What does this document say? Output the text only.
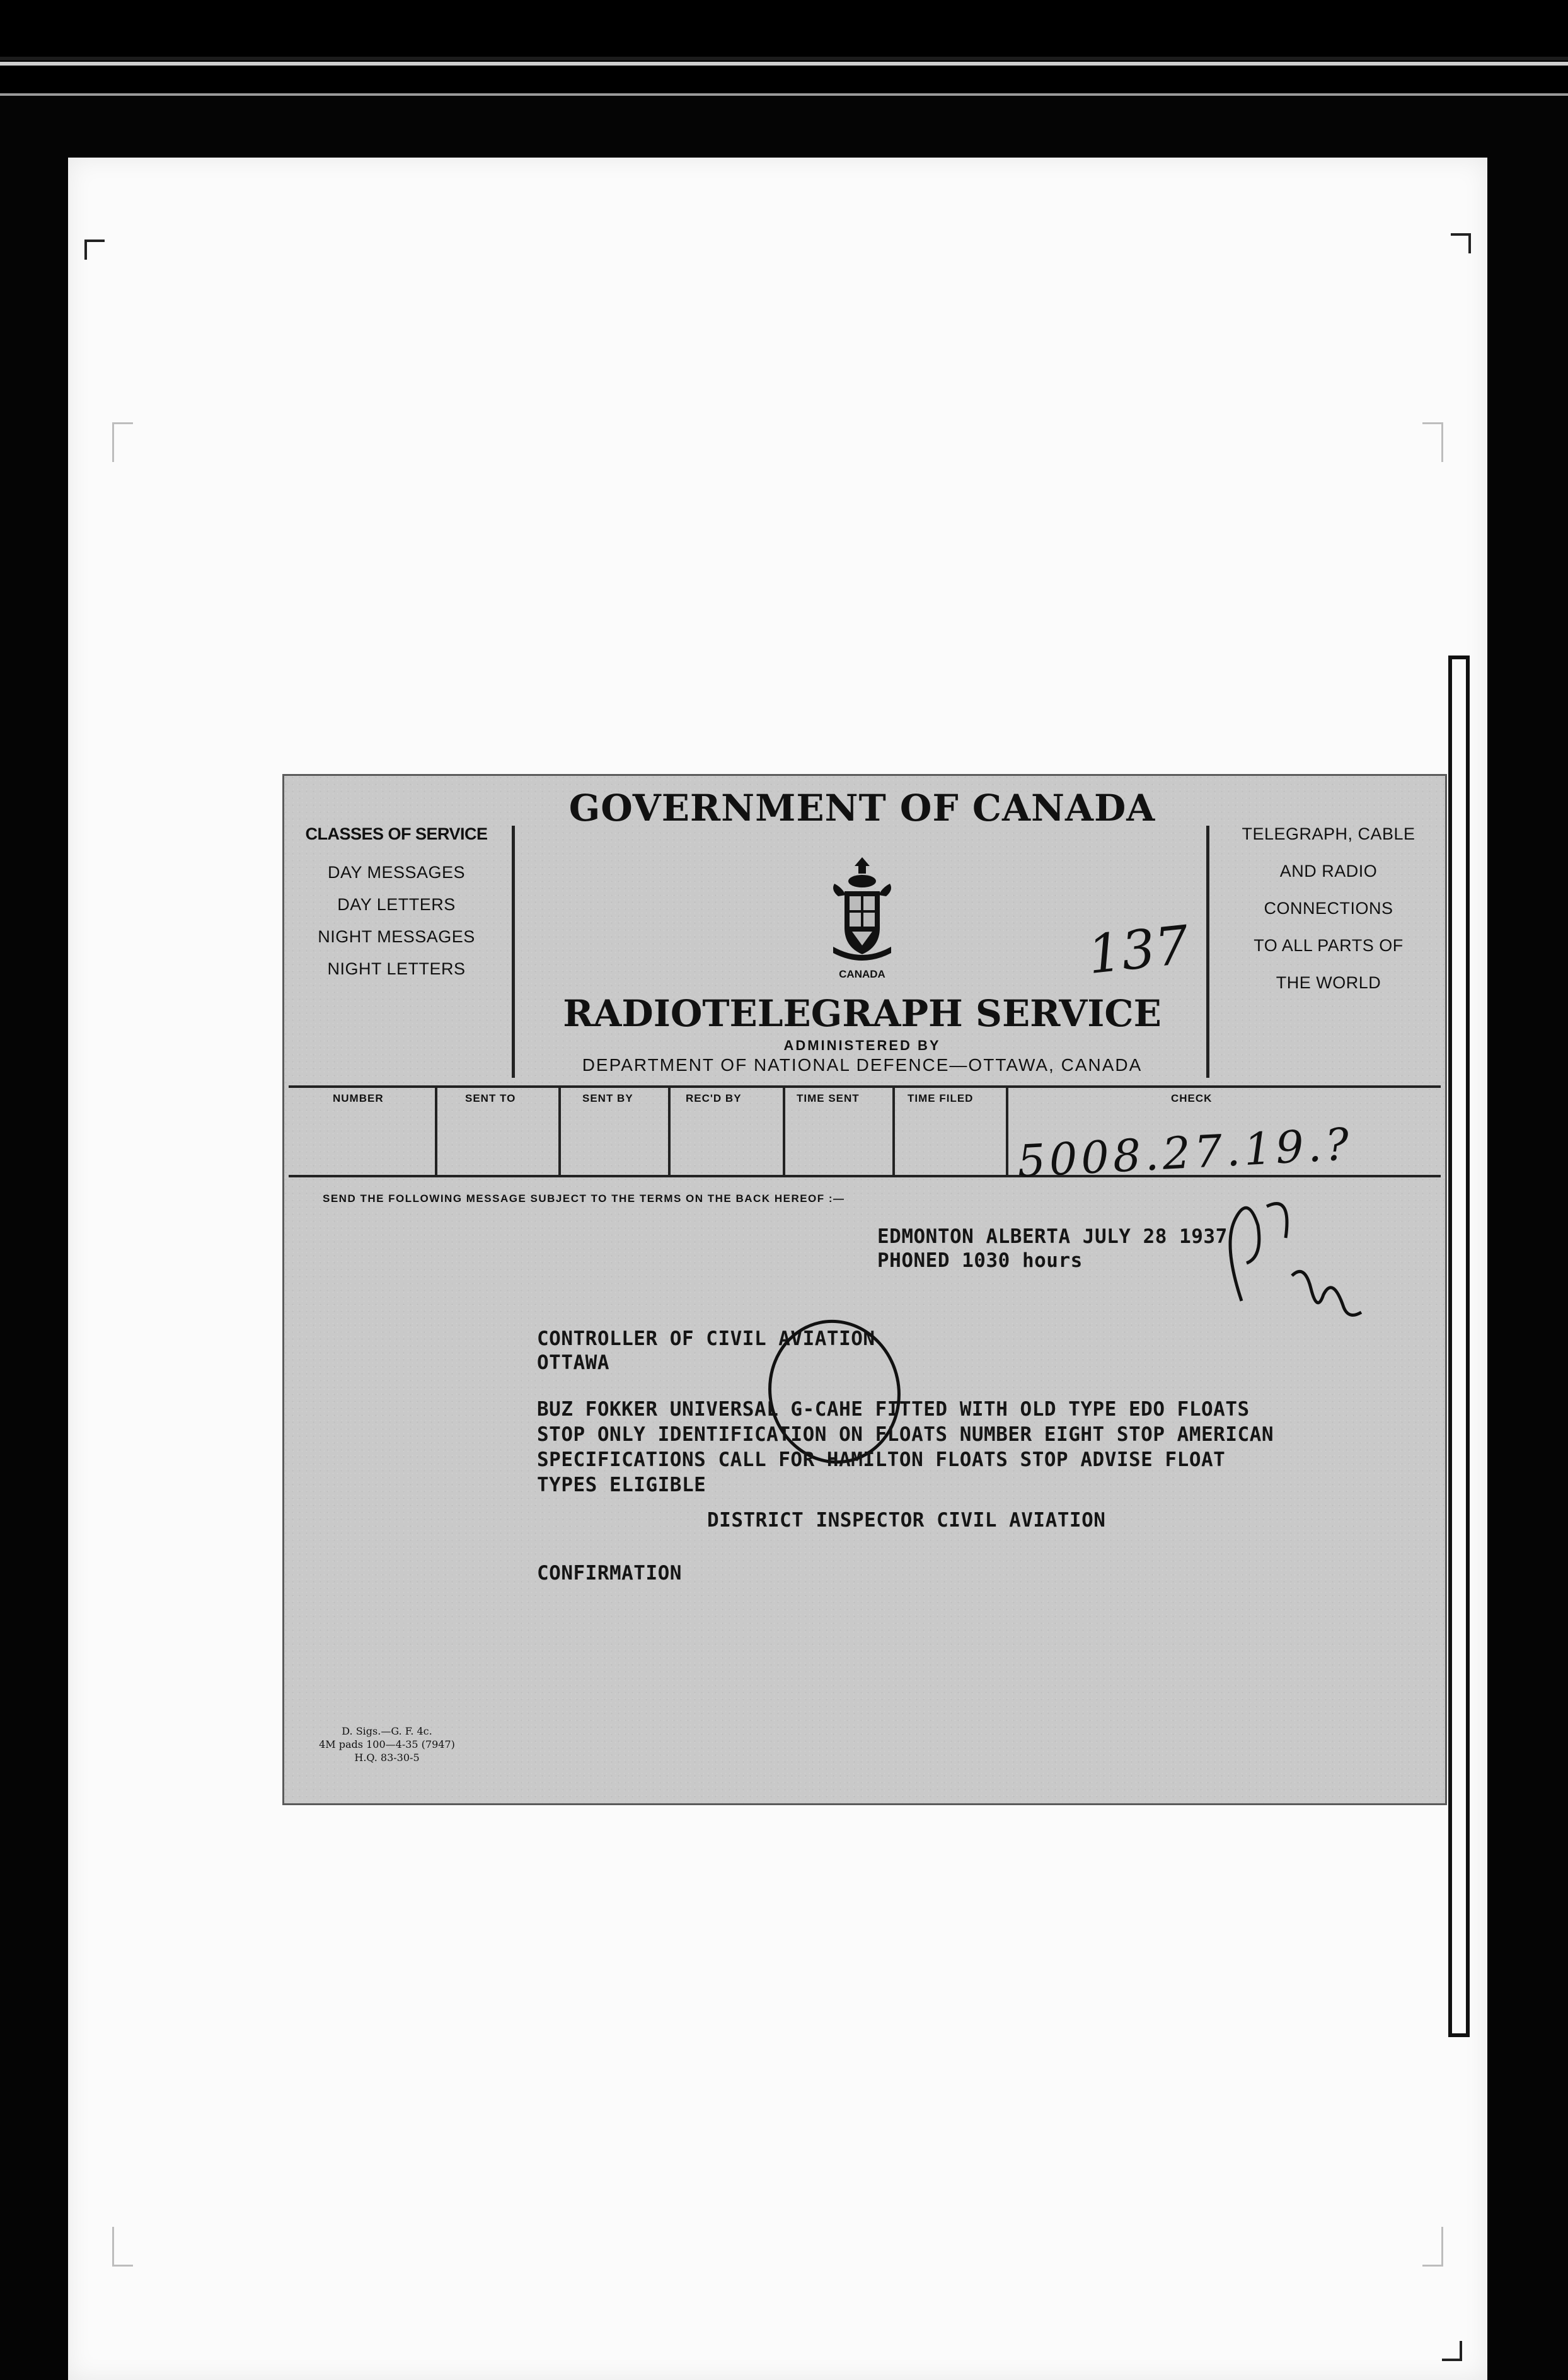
CLASSES OF SERVICE
DAY MESSAGES
DAY LETTERS
NIGHT MESSAGES
NIGHT LETTERS
GOVERNMENT OF CANADA
CANADA
RADIOTELEGRAPH SERVICE
ADMINISTERED BY
DEPARTMENT OF NATIONAL DEFENCE—OTTAWA, CANADA
TELEGRAPH, CABLE
AND RADIO
CONNECTIONS
TO ALL PARTS OF
THE WORLD
137
NUMBER	SENT TO	SENT BY	REC'D BY	TIME SENT	TIME FILED	CHECK
5008.27.19.?
SEND THE FOLLOWING MESSAGE SUBJECT TO THE TERMS ON THE BACK HEREOF :—
EDMONTON ALBERTA JULY 28 1937
PHONED 1030 hours
CONTROLLER OF CIVIL AVIATION
OTTAWA
BUZ FOKKER UNIVERSAL G-CAHE FITTED WITH OLD TYPE EDO FLOATS
STOP ONLY IDENTIFICATION ON FLOATS NUMBER EIGHT STOP AMERICAN
SPECIFICATIONS CALL FOR HAMILTON FLOATS STOP ADVISE FLOAT
TYPES ELIGIBLE
DISTRICT INSPECTOR CIVIL AVIATION
CONFIRMATION
D. Sigs.—G. F. 4c.
4M pads 100—4-35 (7947)
H.Q. 83-30-5
